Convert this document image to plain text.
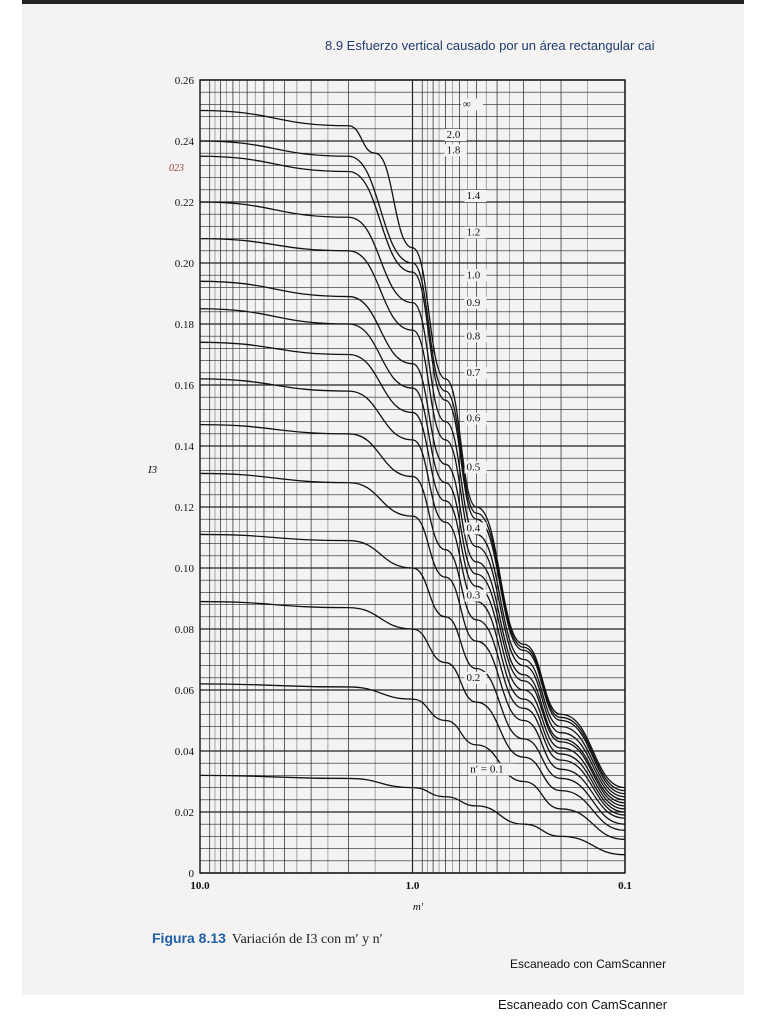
8.9 Esfuerzo vertical causado por un área rectangular cai
023
∞
2.0
1.8
1.4
1.2
1.0
0.9
0.8
0.7
0.6
0.5
0.4
0.3
0.2
n′ = 0.1
0
0.02
0.04
0.06
0.08
0.10
0.12
0.14
0.16
0.18
0.20
0.22
0.24
0.26
10.0	1.0	0.1
m′
I3
Figura 8.13 Variación de I3 con m′ y n′
Escaneado con CamScanner
Escaneado con CamScanner
